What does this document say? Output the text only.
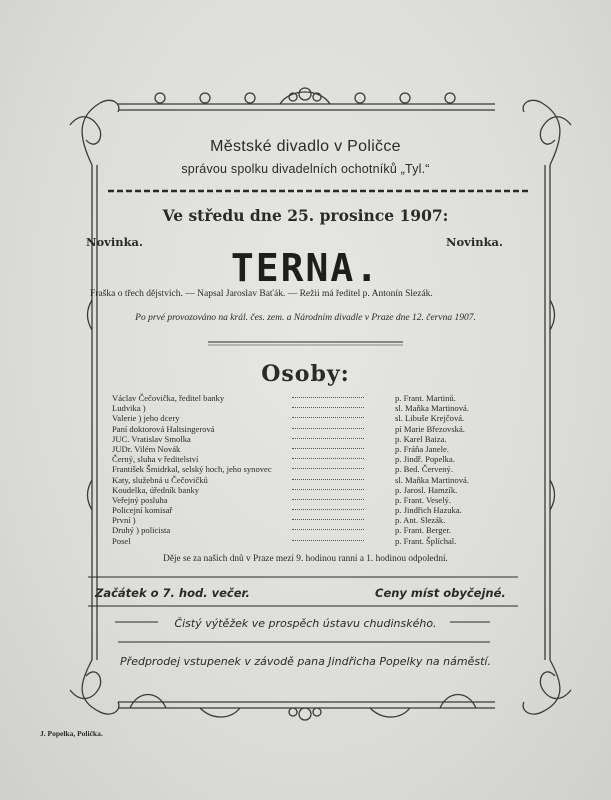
Městské divadlo v Poličce
správou spolku divadelních ochotníků „Tyl.“
Ve středu dne 25. prosince 1907:
Novinka.	Novinka.
TERNA.
Fraška o třech dějstvích. — Napsal Jaroslav Baťák. — Režii má ředitel p. Antonín Slezák.
Po prvé provozováno na král. čes. zem. a Národním divadle v Praze dne 12. června 1907.
Osoby:
Václav Čečovička, ředitel banky	p. Frant. Martinů.
Ludvika )	sl. Maňka Martinová.
Valerie ) jeho dcery	sl. Libuše Krejčová.
Paní doktorová Haltsingerová	pí Marie Březovská.
JUC. Vratislav Smolka	p. Karel Baiza.
JUDr. Vilém Novák	p. Fráňa Janele.
Černý, sluha v ředitelství	p. Jindř. Popelka.
František Šmidrkal, selský hoch, jeho synovec	p. Bed. Červený.
Katy, služebná u Čečovičků	sl. Maňka Martinová.
Koudelka, úředník banky	p. Jarosl. Hamzík.
Veřejný posluha	p. Frant. Veselý.
Policejní komisař	p. Jindřich Hazuka.
První )	p. Ant. Slezák.
Druhý ) policista	p. Frant. Berger.
Posel	p. Frant. Šplíchal.
Děje se za našich dnů v Praze mezi 9. hodinou ranní a 1. hodinou odpolední.
Začátek o 7. hod. večer.	Ceny míst obyčejné.
Čistý výtěžek ve prospěch ústavu chudinského.
Předprodej vstupenek v závodě pana Jindřicha Popelky na náměstí.
J. Popelka, Polička.
